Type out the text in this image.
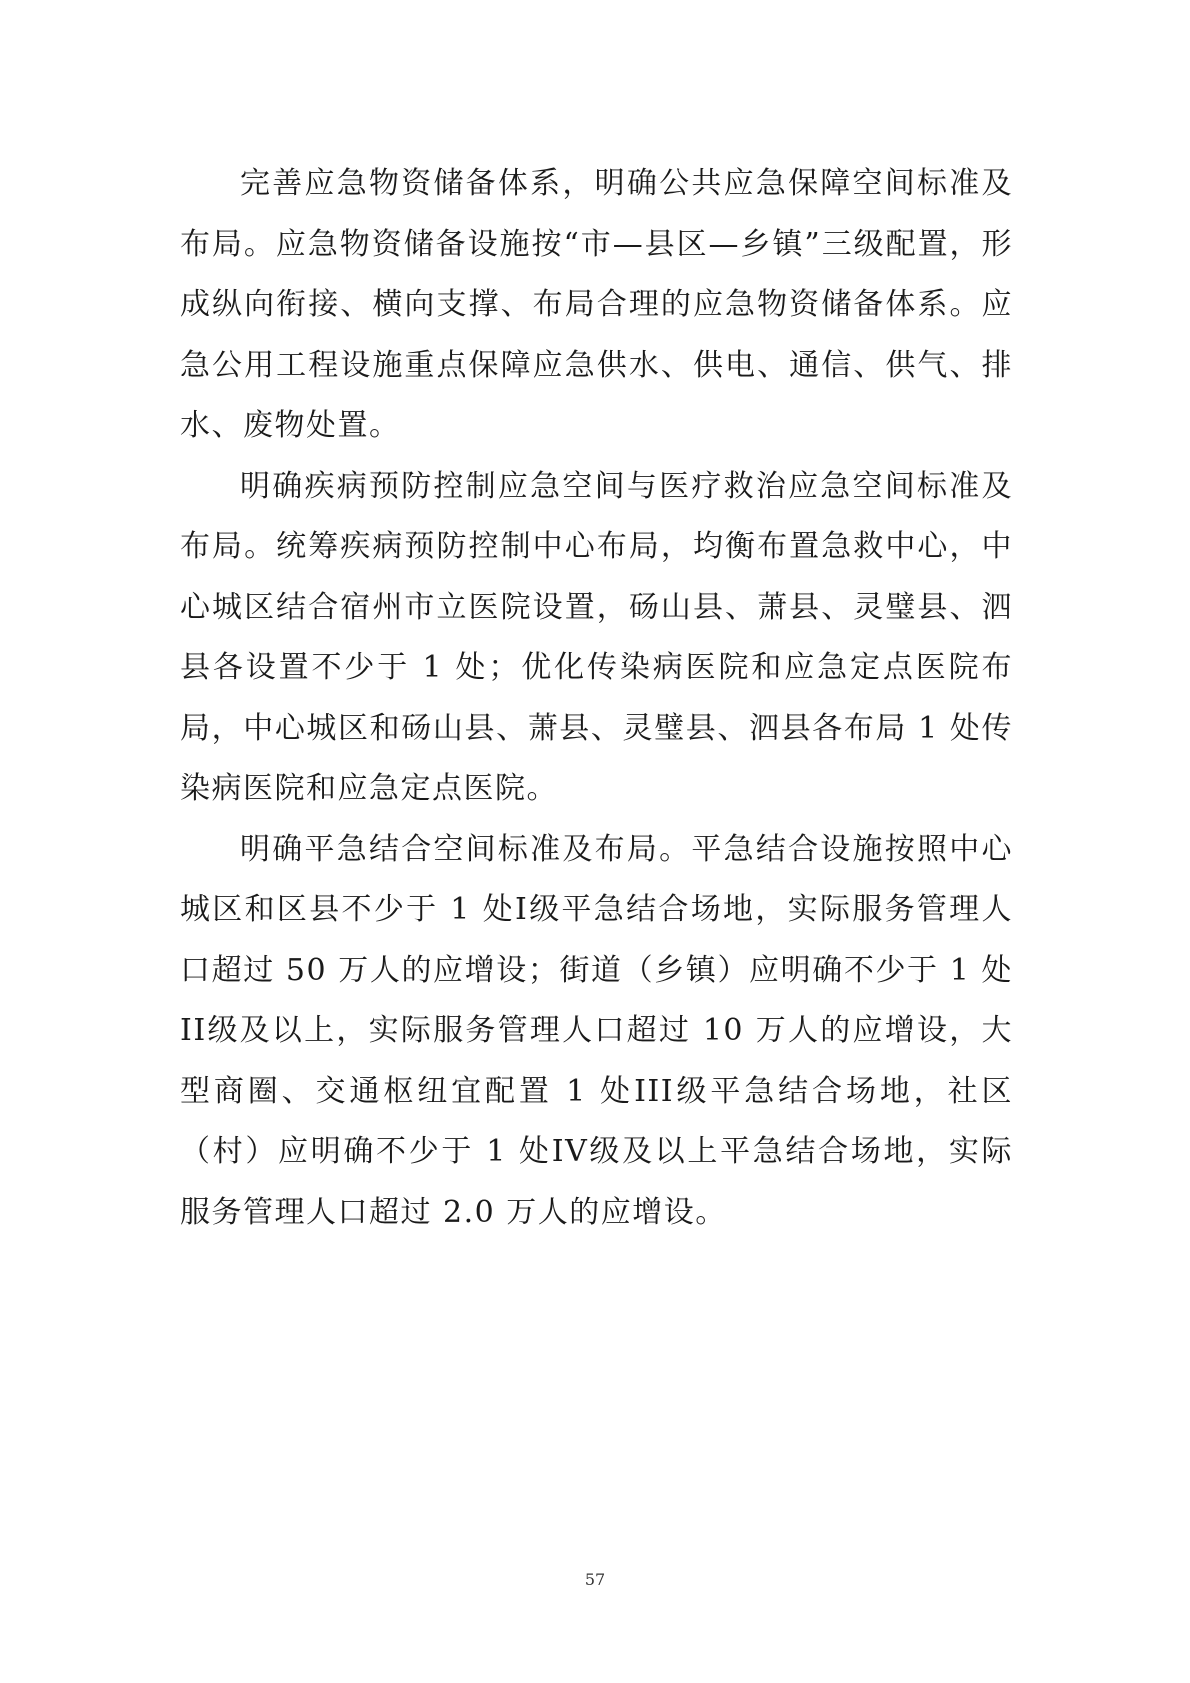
完善应急物资储备体系，明确公共应急保障空间标准及布局。应急物资储备设施按“市—县区—乡镇”三级配置，形成纵向衔接、横向支撑、布局合理的应急物资储备体系。应急公用工程设施重点保障应急供水、供电、通信、供气、排水、废物处置。

明确疾病预防控制应急空间与医疗救治应急空间标准及布局。统筹疾病预防控制中心布局，均衡布置急救中心，中心城区结合宿州市立医院设置，砀山县、萧县、灵璧县、泗县各设置不少于 1 处；优化传染病医院和应急定点医院布局，中心城区和砀山县、萧县、灵璧县、泗县各布局 1 处传染病医院和应急定点医院。

明确平急结合空间标准及布局。平急结合设施按照中心城区和区县不少于 1 处I级平急结合场地，实际服务管理人口超过 50 万人的应增设；街道（乡镇）应明确不少于 1 处II级及以上，实际服务管理人口超过 10 万人的应增设，大型商圈、交通枢纽宜配置 1 处III级平急结合场地，社区（村）应明确不少于 1 处IV级及以上平急结合场地，实际服务管理人口超过 2.0 万人的应增设。

57
